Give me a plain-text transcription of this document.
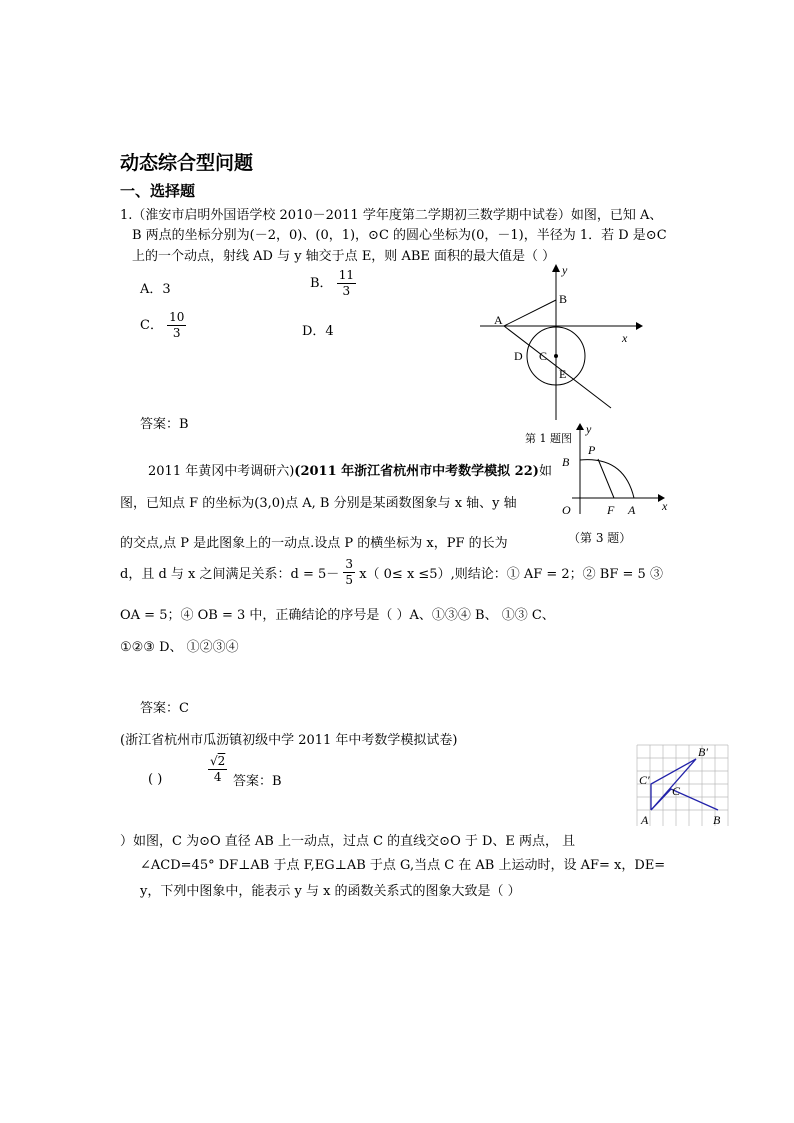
动态综合型问题
一、选择题
1.（淮安市启明外国语学校 2010－2011 学年度第二学期初三数学期中试卷）如图，已知 A、
B 两点的坐标分别为(－2，0)、(0，1)，⊙C 的圆心坐标为(0，－1)，半径为 1．若 D 是⊙C
上的一个动点，射线 AD 与 y 轴交于点 E，则 ABE 面积的最大值是（ ）
A．3	B． $\frac{11}{3}$
C． $\frac{10}{3}$	D．4
答案：B
A
B
C
D
E
y
x
第 1 题图
2011 年黄冈中考调研六)(2011 年浙江省杭州市中考数学模拟 22)如
图，已知点 F 的坐标为(3,0)点 A, B 分别是某函数图象与 x 轴、y 轴
的交点,点 P 是此图象上的一动点.设点 P 的横坐标为 x，PF 的长为	（第 3 题）
d，且 d 与 x 之间满足关系：$d = 5- \frac{3}{5} x$（ 0≤ x ≤5）,则结论：① AF = 2；② BF = 5 ③
OA = 5；④ OB = 3 中，正确结论的序号是（ ）A、①③④ B、 ①③ C、
①②③ D、 ①②③④
答案：C
y
x
B
P
O	F A
(浙江省杭州市瓜沥镇初级中学 2011 年中考数学模拟试卷)
( )	$\frac{√2}{4}$ 答案：B
B′
C′
C
A	B
）如图，C 为⊙O 直径 AB 上一动点，过点 C 的直线交⊙O 于 D、E 两点， 且
∠ACD=45° DF⊥AB 于点 F,EG⊥AB 于点 G,当点 C 在 AB 上运动时，设 AF= x，DE=
y，下列中图象中，能表示 y 与 x 的函数关系式的图象大致是（ ）
